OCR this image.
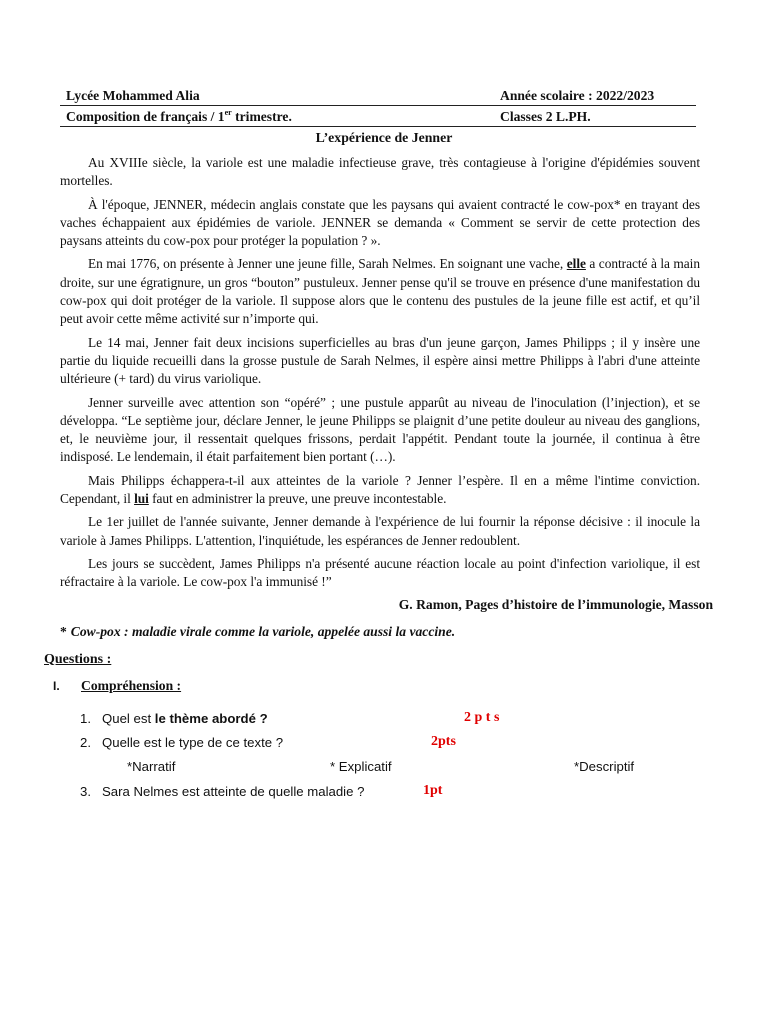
Lycée Mohammed Alia	Année scolaire : 2022/2023
Composition de français / 1er trimestre.	Classes 2 L.PH.
L’expérience de Jenner

Au XVIIIe siècle, la variole est une maladie infectieuse grave, très contagieuse à l'origine d'épidémies souvent mortelles.

À l'époque, JENNER, médecin anglais constate que les paysans qui avaient contracté le cow-pox* en trayant des vaches échappaient aux épidémies de variole. JENNER se demanda « Comment se servir de cette protection des paysans atteints du cow-pox pour protéger la population ? ».

En mai 1776, on présente à Jenner une jeune fille, Sarah Nelmes. En soignant une vache, elle a contracté à la main droite, sur une égratignure, un gros “bouton” pustuleux. Jenner pense qu'il se trouve en présence d'une manifestation du cow-pox qui doit protéger de la variole. Il suppose alors que le contenu des pustules de la jeune fille est actif, et qu’il peut avoir cette même activité sur n’importe qui.

Le 14 mai, Jenner fait deux incisions superficielles au bras d'un jeune garçon, James Philipps ; il y insère une partie du liquide recueilli dans la grosse pustule de Sarah Nelmes, il espère ainsi mettre Philipps à l'abri d'une atteinte ultérieure (+ tard) du virus variolique.

Jenner surveille avec attention son “opéré” ; une pustule apparût au niveau de l'inoculation (l’injection), et se développa. “Le septième jour, déclare Jenner, le jeune Philipps se plaignit d’une petite douleur au niveau des ganglions, et, le neuvième jour, il ressentait quelques frissons, perdait l'appétit. Pendant toute la journée, il continua à être indisposé. Le lendemain, il était parfaitement bien portant (…).

Mais Philipps échappera-t-il aux atteintes de la variole ? Jenner l’espère. Il en a même l'intime conviction. Cependant, il lui faut en administrer la preuve, une preuve incontestable.

Le 1er juillet de l'année suivante, Jenner demande à l'expérience de lui fournir la réponse décisive : il inocule la variole à James Philipps. L'attention, l'inquiétude, les espérances de Jenner redoublent.

Les jours se succèdent, James Philipps n'a présenté aucune réaction locale au point d'infection variolique, il est réfractaire à la variole. Le cow-pox l'a immunisé !”

G. Ramon, Pages d’histoire de l’immunologie, Masson
* Cow-pox : maladie virale comme la variole, appelée aussi la vaccine.
Questions :
I. Compréhension :
1. Quel est le thème abordé ?	2 p t s
2. Quelle est le type de ce texte ?	2pts
*Narratif	* Explicatif	*Descriptif
3. Sara Nelmes est atteinte de quelle maladie ?	1pt
